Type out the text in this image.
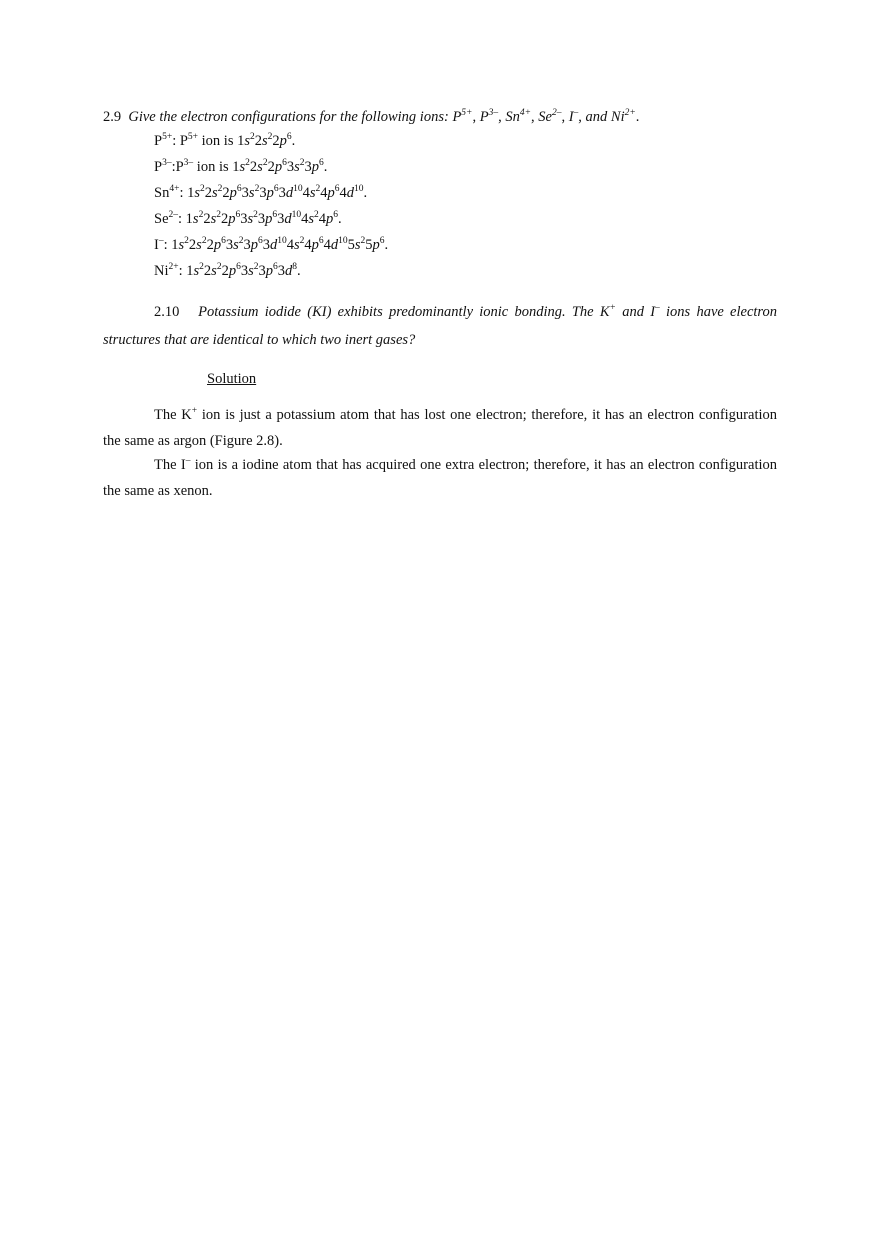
2.9 Give the electron configurations for the following ions: $P^{5+}$, $P^{3-}$, $Sn^{4+}$, $Se^{2-}$, I–, and $Ni^{2+}$.
$P^{5+}$: $P^{5+}$ ion is $1s^22s^22p^6$.
$P^{3-}:P^{3-}$ ion is $1s^22s^22p^63s^23p^6$.
$Sn^{4+}$: $1s^22s^22p^63s^23p^63d^{10}4s^24p^64d^{10}$.
$Se^{2-}$: $1s^22s^22p^63s^23p^63d^{10}4s^24p^6$.
I–: $1s^22s^22p^63s^23p^63d^{10}4s^24p^64d^{10}5s^25p^6$.
$Ni^{2+}$: $1s^22s^22p^63s^23p^63d^8$.
2.10 Potassium iodide (KI) exhibits predominantly ionic bonding. The K+ and I– ions have electron structures that are identical to which two inert gases?
Solution
The K+ ion is just a potassium atom that has lost one electron; therefore, it has an electron configuration the same as argon (Figure 2.8).
The I– ion is a iodine atom that has acquired one extra electron; therefore, it has an electron configuration the same as xenon.
